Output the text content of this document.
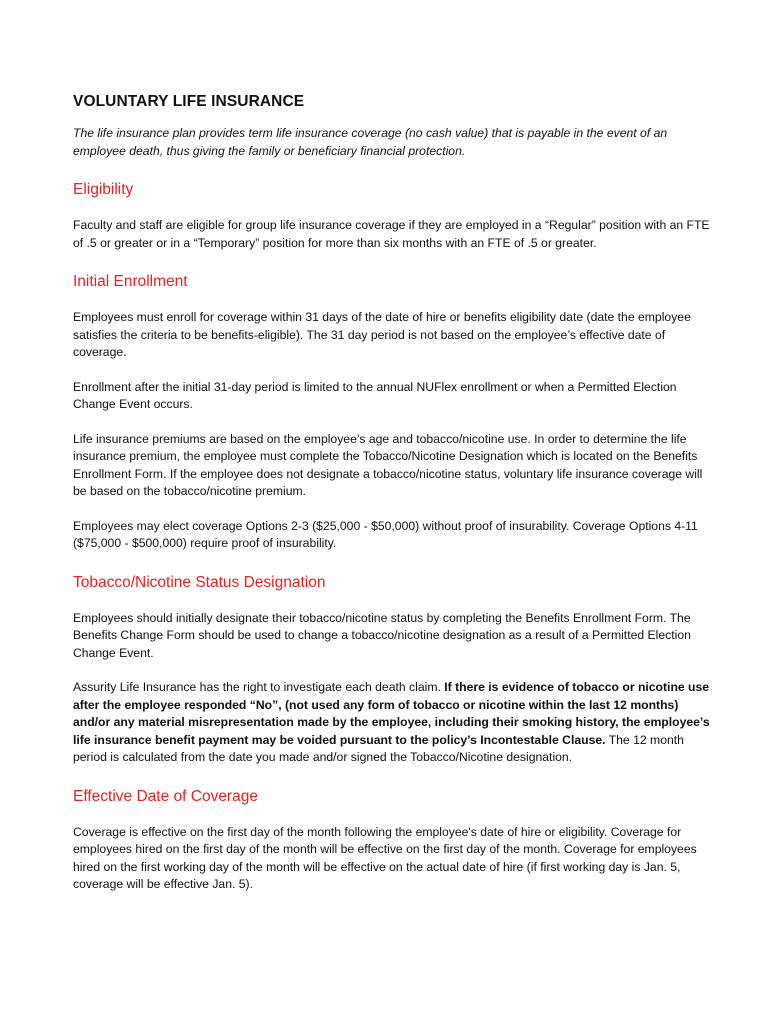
VOLUNTARY LIFE INSURANCE

The life insurance plan provides term life insurance coverage (no cash value) that is payable in the event of an employee death, thus giving the family or beneficiary financial protection.

Eligibility

Faculty and staff are eligible for group life insurance coverage if they are employed in a “Regular” position with an FTE of .5 or greater or in a “Temporary” position for more than six months with an FTE of .5 or greater.

Initial Enrollment

Employees must enroll for coverage within 31 days of the date of hire or benefits eligibility date (date the employee satisfies the criteria to be benefits-eligible). The 31 day period is not based on the employee’s effective date of coverage.

Enrollment after the initial 31-day period is limited to the annual NUFlex enrollment or when a Permitted Election Change Event occurs.

Life insurance premiums are based on the employee’s age and tobacco/nicotine use. In order to determine the life insurance premium, the employee must complete the Tobacco/Nicotine Designation which is located on the Benefits Enrollment Form. If the employee does not designate a tobacco/nicotine status, voluntary life insurance coverage will be based on the tobacco/nicotine premium.

Employees may elect coverage Options 2-3 ($25,000 - $50,000) without proof of insurability. Coverage Options 4-11 ($75,000 - $500,000) require proof of insurability.

Tobacco/Nicotine Status Designation

Employees should initially designate their tobacco/nicotine status by completing the Benefits Enrollment Form. The Benefits Change Form should be used to change a tobacco/nicotine designation as a result of a Permitted Election Change Event.

Assurity Life Insurance has the right to investigate each death claim. If there is evidence of tobacco or nicotine use after the employee responded “No”, (not used any form of tobacco or nicotine within the last 12 months) and/or any material misrepresentation made by the employee, including their smoking history, the employee’s life insurance benefit payment may be voided pursuant to the policy’s Incontestable Clause. The 12 month period is calculated from the date you made and/or signed the Tobacco/Nicotine designation.

Effective Date of Coverage

Coverage is effective on the first day of the month following the employee's date of hire or eligibility. Coverage for employees hired on the first day of the month will be effective on the first day of the month. Coverage for employees hired on the first working day of the month will be effective on the actual date of hire (if first working day is Jan. 5, coverage will be effective Jan. 5).
